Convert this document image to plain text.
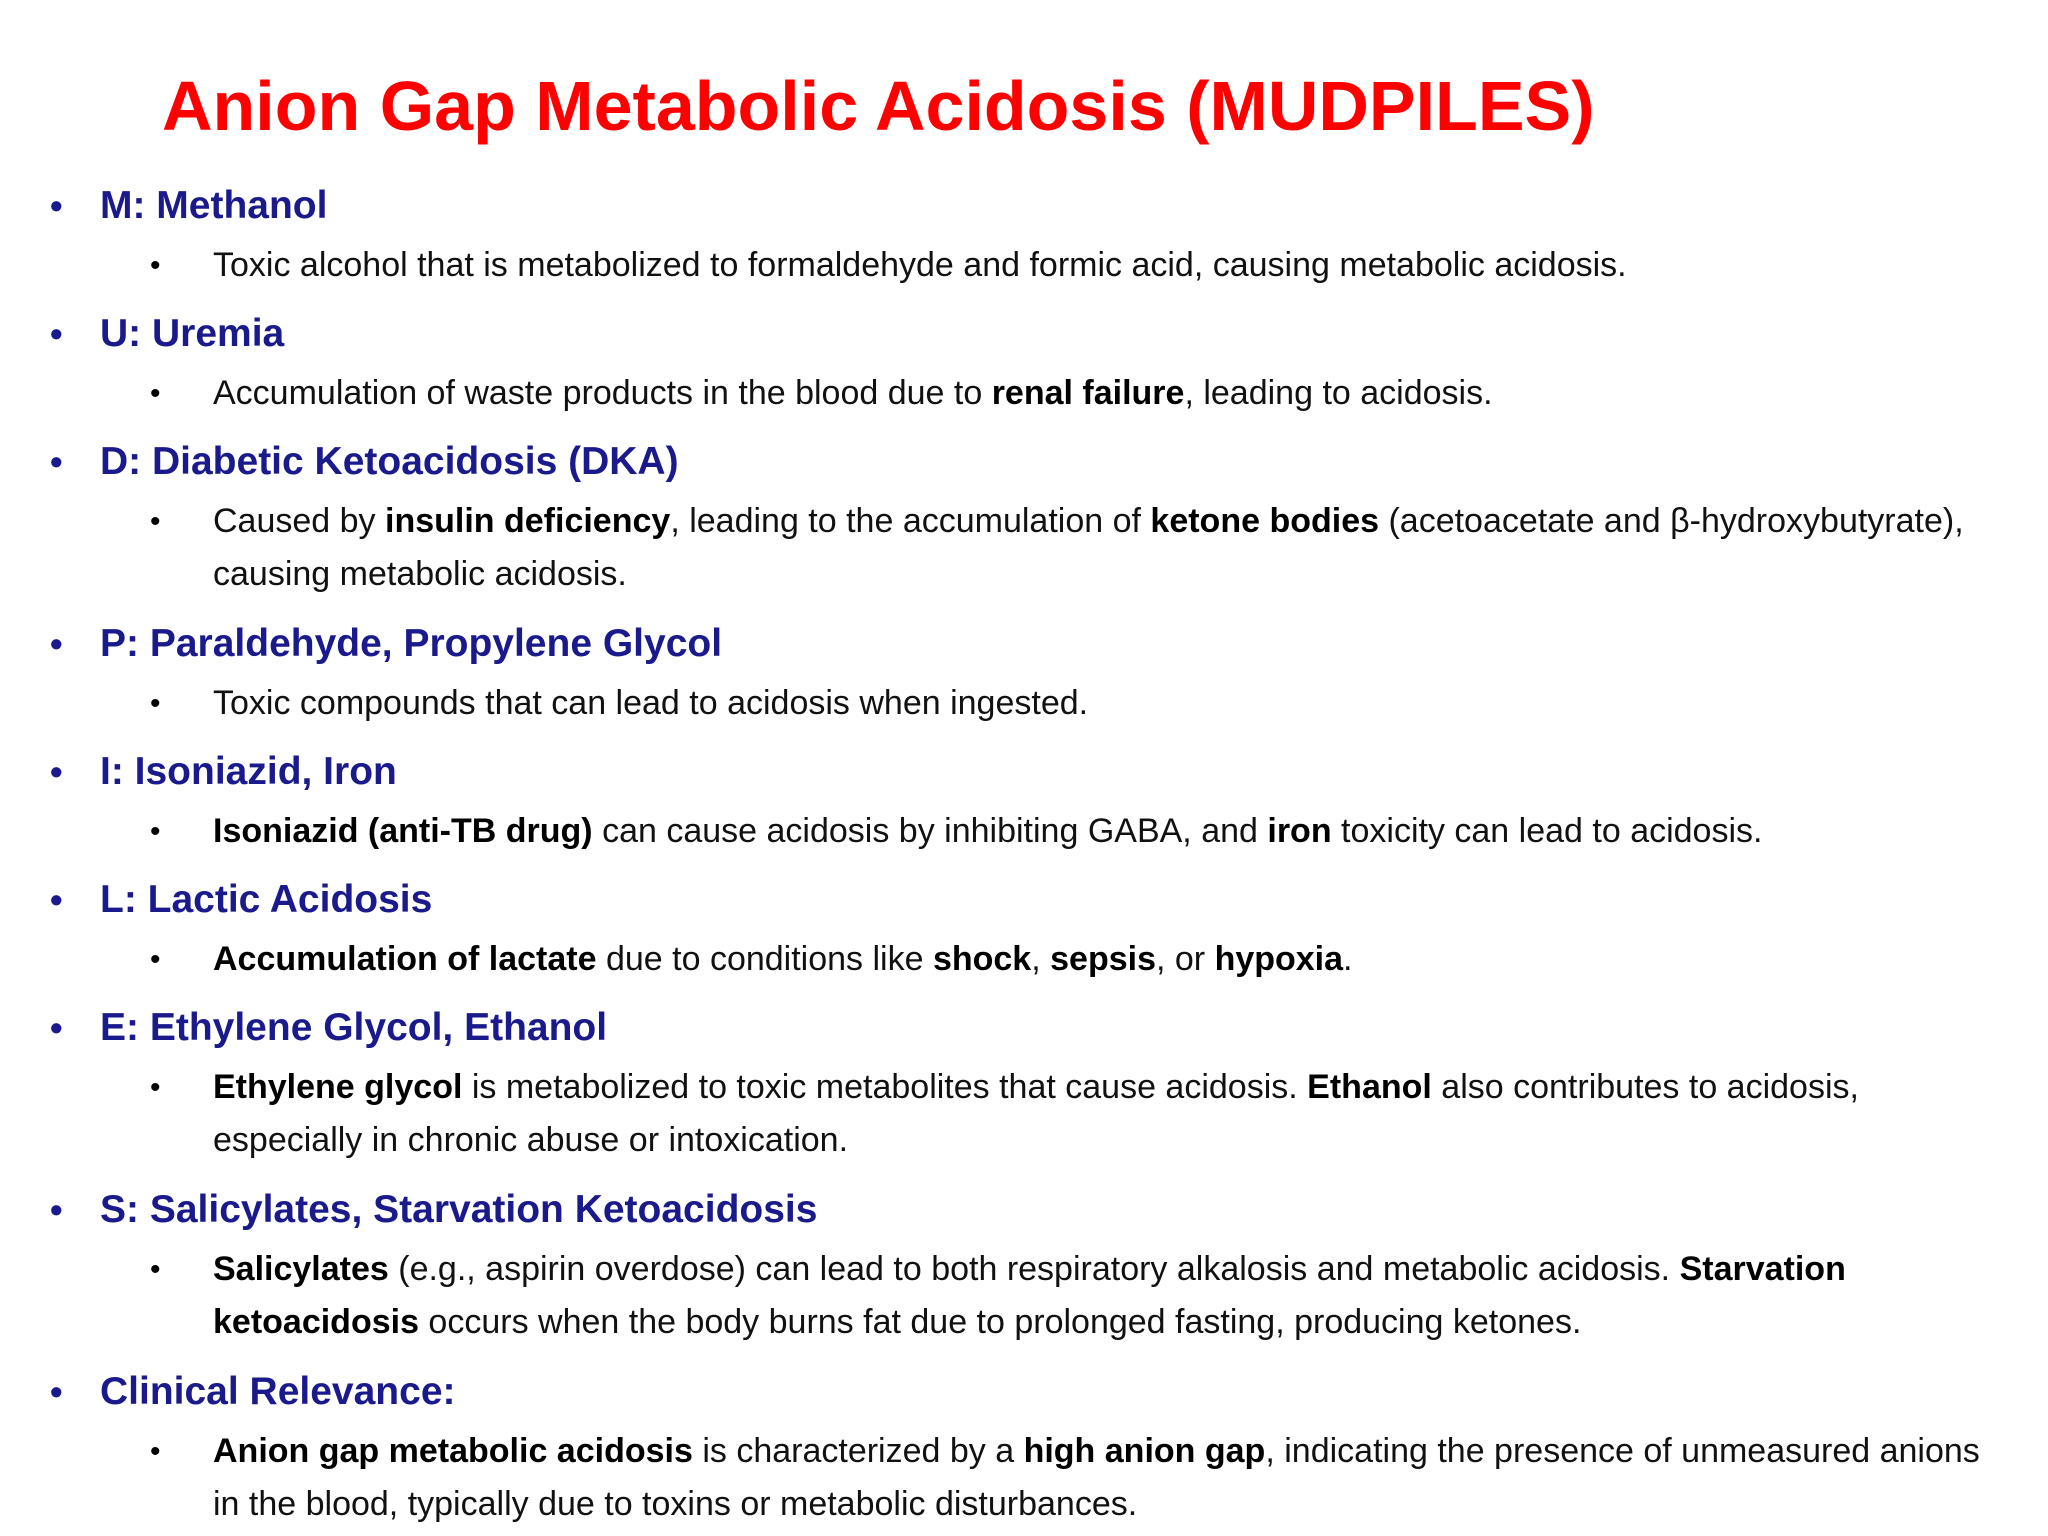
Anion Gap Metabolic Acidosis (MUDPILES)
• M: Methanol
• Toxic alcohol that is metabolized to formaldehyde and formic acid, causing metabolic acidosis.

• U: Uremia
• Accumulation of waste products in the blood due to renal failure, leading to acidosis.

• D: Diabetic Ketoacidosis (DKA)
• Caused by insulin deficiency, leading to the accumulation of ketone bodies (acetoacetate and β-hydroxybutyrate), causing metabolic acidosis.

• P: Paraldehyde, Propylene Glycol
• Toxic compounds that can lead to acidosis when ingested.

• I: Isoniazid, Iron
• Isoniazid (anti-TB drug) can cause acidosis by inhibiting GABA, and iron toxicity can lead to acidosis.

• L: Lactic Acidosis
• Accumulation of lactate due to conditions like shock, sepsis, or hypoxia.

• E: Ethylene Glycol, Ethanol
• Ethylene glycol is metabolized to toxic metabolites that cause acidosis. Ethanol also contributes to acidosis, especially in chronic abuse or intoxication.

• S: Salicylates, Starvation Ketoacidosis
• Salicylates (e.g., aspirin overdose) can lead to both respiratory alkalosis and metabolic acidosis. Starvation ketoacidosis occurs when the body burns fat due to prolonged fasting, producing ketones.

• Clinical Relevance:
• Anion gap metabolic acidosis is characterized by a high anion gap, indicating the presence of unmeasured anions in the blood, typically due to toxins or metabolic disturbances.
